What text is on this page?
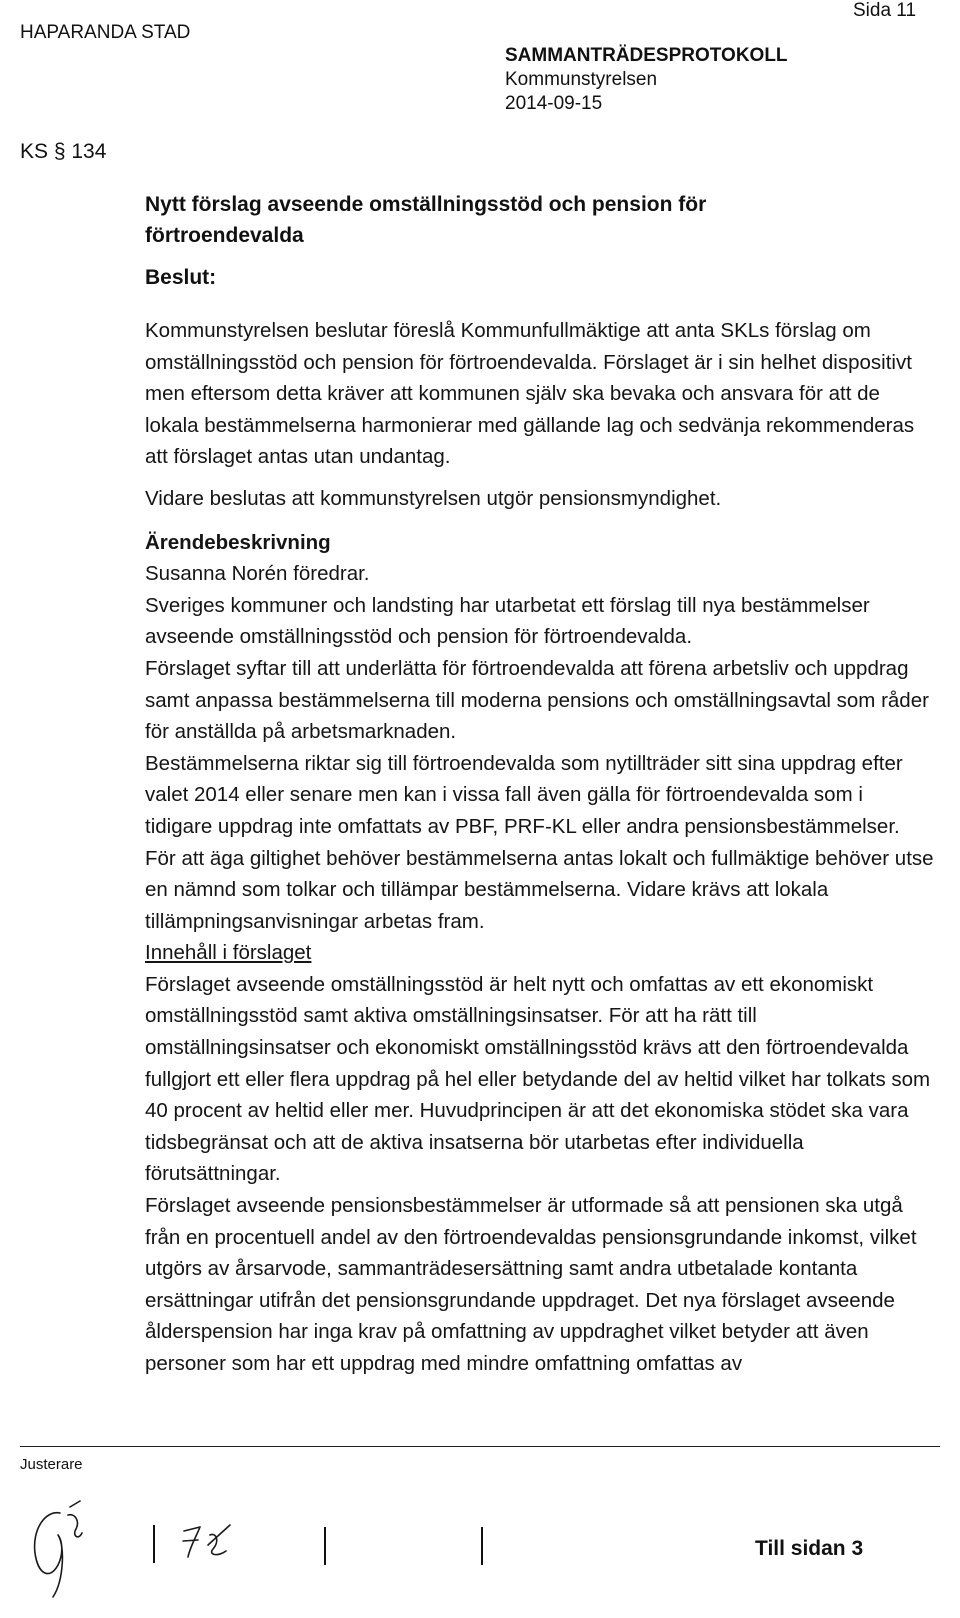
HAPARANDA STAD
SAMMANTRÄDESPROTOKOLL
Kommunstyrelsen
2014-09-15
Sida 11
KS § 134
Nytt förslag avseende omställningsstöd och pension för förtroendevalda
Beslut:

Kommunstyrelsen beslutar föreslå Kommunfullmäktige att anta SKLs förslag om omställningsstöd och pension för förtroendevalda. Förslaget är i sin helhet dispositivt men eftersom detta kräver att kommunen själv ska bevaka och ansvara för att de lokala bestämmelserna harmonierar med gällande lag och sedvänja rekommenderas att förslaget antas utan undantag.

Vidare beslutas att kommunstyrelsen utgör pensionsmyndighet.

Ärendebeskrivning

Susanna Norén föredrar.

Sveriges kommuner och landsting har utarbetat ett förslag till nya bestämmelser avseende omställningsstöd och pension för förtroendevalda.

Förslaget syftar till att underlätta för förtroendevalda att förena arbetsliv och uppdrag samt anpassa bestämmelserna till moderna pensions och omställningsavtal som råder för anställda på arbetsmarknaden.

Bestämmelserna riktar sig till förtroendevalda som nytillträder sitt sina uppdrag efter valet 2014 eller senare men kan i vissa fall även gälla för förtroendevalda som i tidigare uppdrag inte omfattats av PBF, PRF-KL eller andra pensionsbestämmelser. För att äga giltighet behöver bestämmelserna antas lokalt och fullmäktige behöver utse en nämnd som tolkar och tillämpar bestämmelserna. Vidare krävs att lokala tillämpningsanvisningar arbetas fram.

Innehåll i förslaget

Förslaget avseende omställningsstöd är helt nytt och omfattas av ett ekonomiskt omställningsstöd samt aktiva omställningsinsatser. För att ha rätt till omställningsinsatser och ekonomiskt omställningsstöd krävs att den förtroendevalda fullgjort ett eller flera uppdrag på hel eller betydande del av heltid vilket har tolkats som 40 procent av heltid eller mer. Huvudprincipen är att det ekonomiska stödet ska vara tidsbegränsat och att de aktiva insatserna bör utarbetas efter individuella förutsättningar.

Förslaget avseende pensionsbestämmelser är utformade så att pensionen ska utgå från en procentuell andel av den förtroendevaldas pensionsgrundande inkomst, vilket utgörs av årsarvode, sammanträdesersättning samt andra utbetalade kontanta ersättningar utifrån det pensionsgrundande uppdraget. Det nya förslaget avseende ålderspension har inga krav på omfattning av uppdraghet vilket betyder att även personer som har ett uppdrag med mindre omfattning omfattas av

Justerare
Till sidan 3
